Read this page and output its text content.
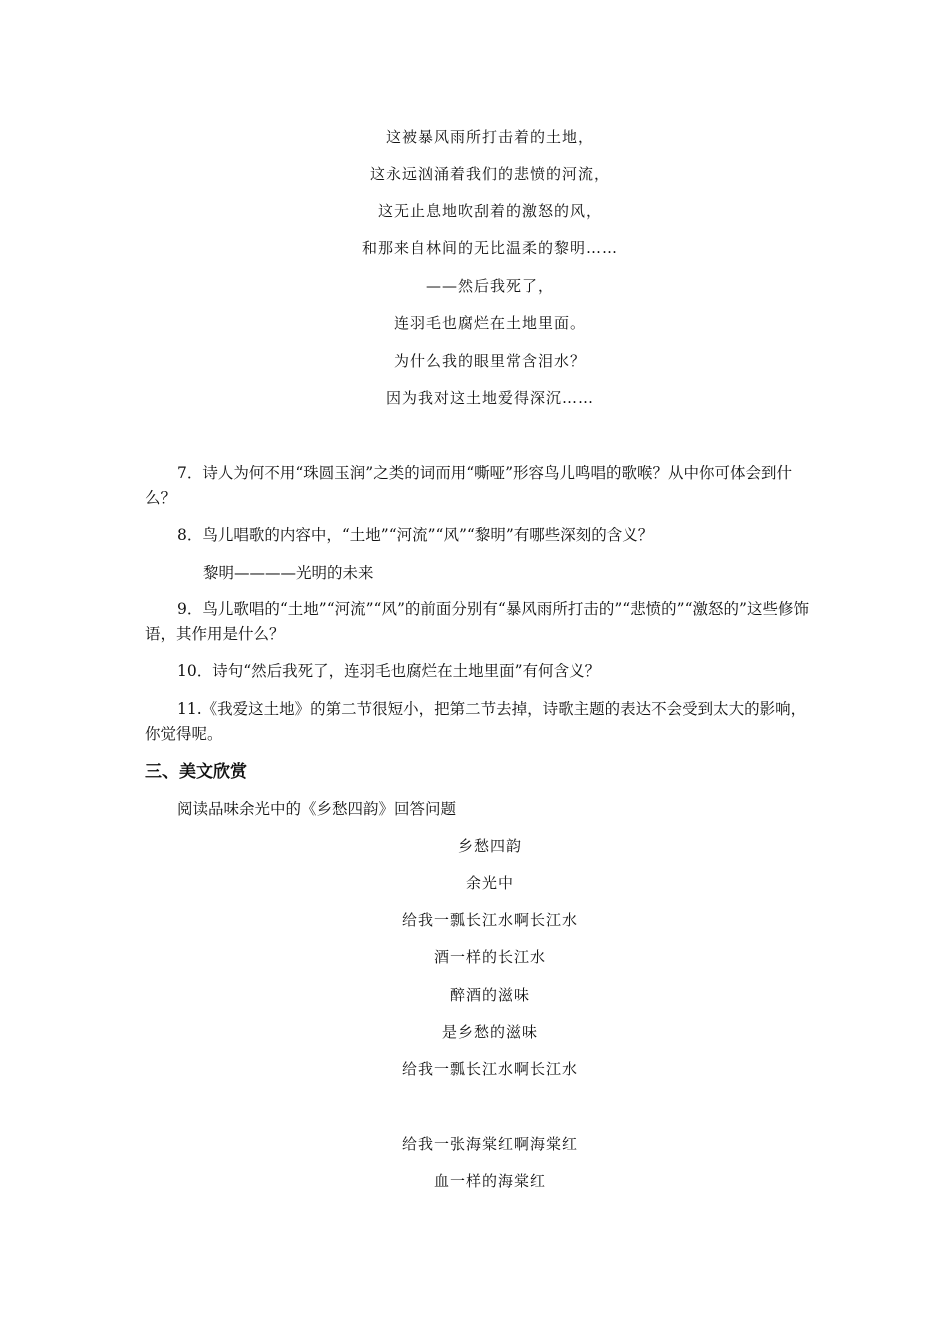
这被暴风雨所打击着的土地，
这永远汹涌着我们的悲愤的河流，
这无止息地吹刮着的激怒的风，
和那来自林间的无比温柔的黎明……
——然后我死了，
连羽毛也腐烂在土地里面。
为什么我的眼里常含泪水？
因为我对这土地爱得深沉……
7．诗人为何不用“珠圆玉润”之类的词而用“嘶哑”形容鸟儿鸣唱的歌喉？从中你可体会到什么？
8．鸟儿唱歌的内容中，“土地”“河流”“风”“黎明”有哪些深刻的含义？
黎明————光明的未来
9．鸟儿歌唱的“土地”“河流”“风”的前面分别有“暴风雨所打击的”“悲愤的”“激怒的”这些修饰语，其作用是什么？
10．诗句“然后我死了，连羽毛也腐烂在土地里面”有何含义？
11.《我爱这土地》的第二节很短小，把第二节去掉，诗歌主题的表达不会受到太大的影响，你觉得呢。
三、美文欣赏
阅读品味余光中的《乡愁四韵》回答问题
乡愁四韵
余光中
给我一瓢长江水啊长江水
酒一样的长江水
醉酒的滋味
是乡愁的滋味
给我一瓢长江水啊长江水
给我一张海棠红啊海棠红
血一样的海棠红
